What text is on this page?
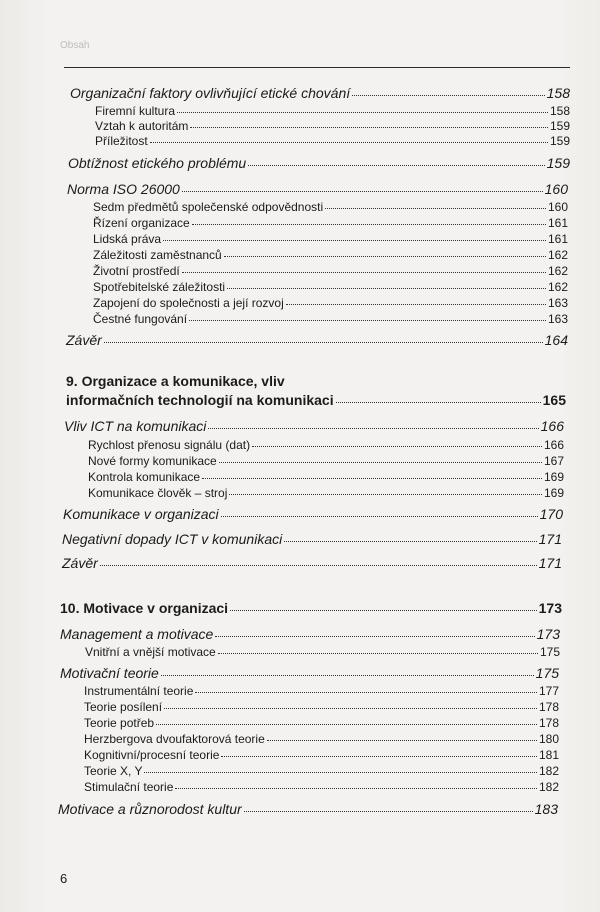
Obsah
Organizační faktory ovlivňující etické chování	158
Firemní kultura	158
Vztah k autoritám	159
Příležitost	159
Obtížnost etického problému	159
Norma ISO 26000	160
Sedm předmětů společenské odpovědnosti	160
Řízení organizace	161
Lidská práva	161
Záležitosti zaměstnanců	162
Životní prostředí	162
Spotřebitelské záležitosti	162
Zapojení do společnosti a její rozvoj	163
Čestné fungování	163
Závěr	164
9. Organizace a komunikace, vliv
informačních technologií na komunikaci	165
Vliv ICT na komunikaci	166
Rychlost přenosu signálu (dat)	166
Nové formy komunikace	167
Kontrola komunikace	169
Komunikace člověk – stroj	169
Komunikace v organizaci	170
Negativní dopady ICT v komunikaci	171
Závěr	171
10. Motivace v organizaci	173
Management a motivace	173
Vnitřní a vnější motivace	175
Motivační teorie	175
Instrumentální teorie	177
Teorie posílení	178
Teorie potřeb	178
Herzbergova dvoufaktorová teorie	180
Kognitivní/procesní teorie	181
Teorie X, Y	182
Stimulační teorie	182
Motivace a různorodost kultur	183
6
